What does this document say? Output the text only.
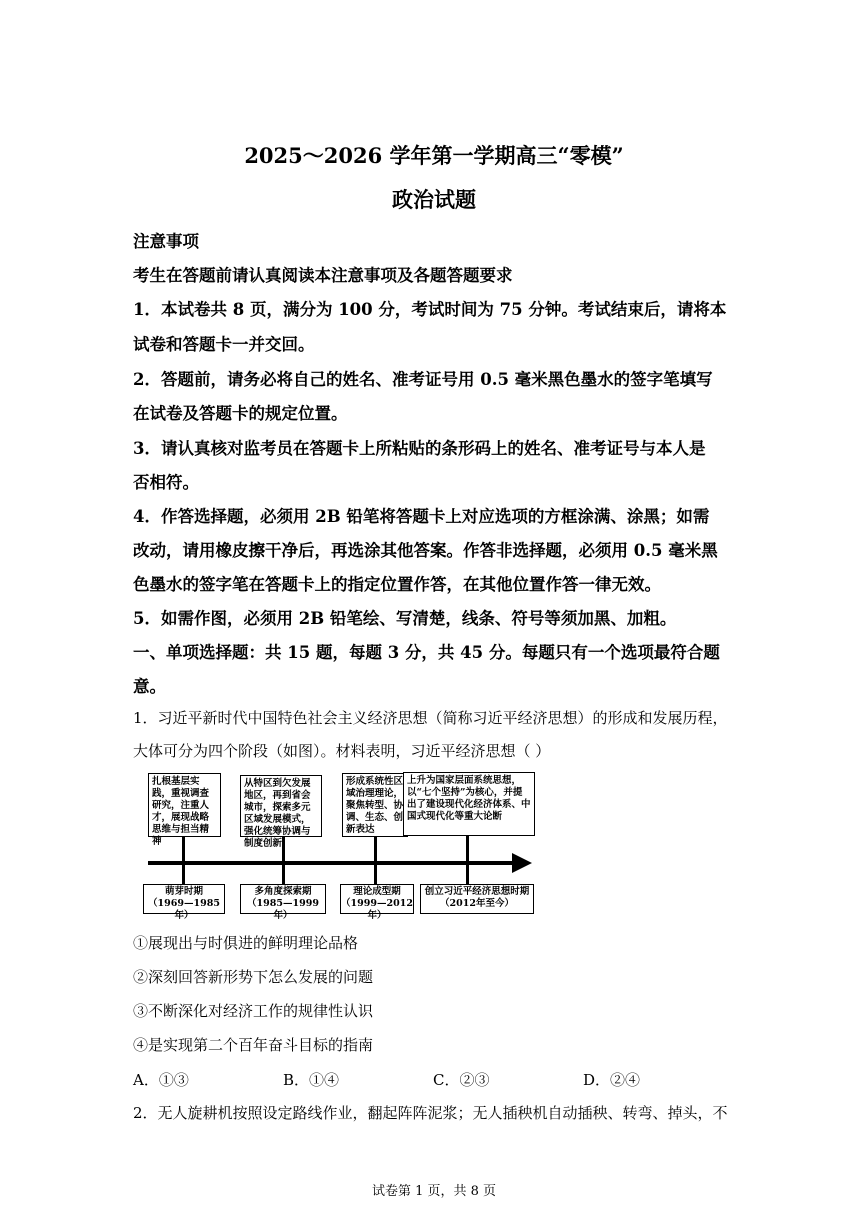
2025～2026 学年第一学期高三“零模”
政治试题
注意事项
考生在答题前请认真阅读本注意事项及各题答题要求
1．本试卷共 8 页，满分为 100 分，考试时间为 75 分钟。考试结束后，请将本
试卷和答题卡一并交回。
2．答题前，请务必将自己的姓名、准考证号用 0.5 毫米黑色墨水的签字笔填写
在试卷及答题卡的规定位置。
3．请认真核对监考员在答题卡上所粘贴的条形码上的姓名、准考证号与本人是
否相符。
4．作答选择题，必须用 2B 铅笔将答题卡上对应选项的方框涂满、涂黑；如需
改动，请用橡皮擦干净后，再选涂其他答案。作答非选择题，必须用 0.5 毫米黑
色墨水的签字笔在答题卡上的指定位置作答，在其他位置作答一律无效。
5．如需作图，必须用 2B 铅笔绘、写清楚，线条、符号等须加黑、加粗。
一、单项选择题：共 15 题，每题 3 分，共 45 分。每题只有一个选项最符合题
意。
1．习近平新时代中国特色社会主义经济思想（简称习近平经济思想）的形成和发展历程，
大体可分为四个阶段（如图）。材料表明，习近平经济思想（ ）
扎根基层实践，重视调查研究，注重人才，展现战略思维与担当精神
从特区到欠发展地区，再到省会城市，探索多元区域发展模式，强化统筹协调与制度创新
形成系统性区域治理理论，聚焦转型、协调、生态、创新表达
上升为国家层面系统思想，以“七个坚持”为核心，并提出了建设现代化经济体系、中国式现代化等重大论断
萌芽时期
（1969—1985年）
多角度探索期
（1985—1999年）
理论成型期
（1999—2012年）
创立习近平经济思想时期
（2012年至今）
①展现出与时俱进的鲜明理论品格
②深刻回答新形势下怎么发展的问题
③不断深化对经济工作的规律性认识
④是实现第二个百年奋斗目标的指南
A．①③	B．①④	C．②③	D．②④
2．无人旋耕机按照设定路线作业，翻起阵阵泥浆；无人插秧机自动插秧、转弯、掉头，不
试卷第 1 页，共 8 页
